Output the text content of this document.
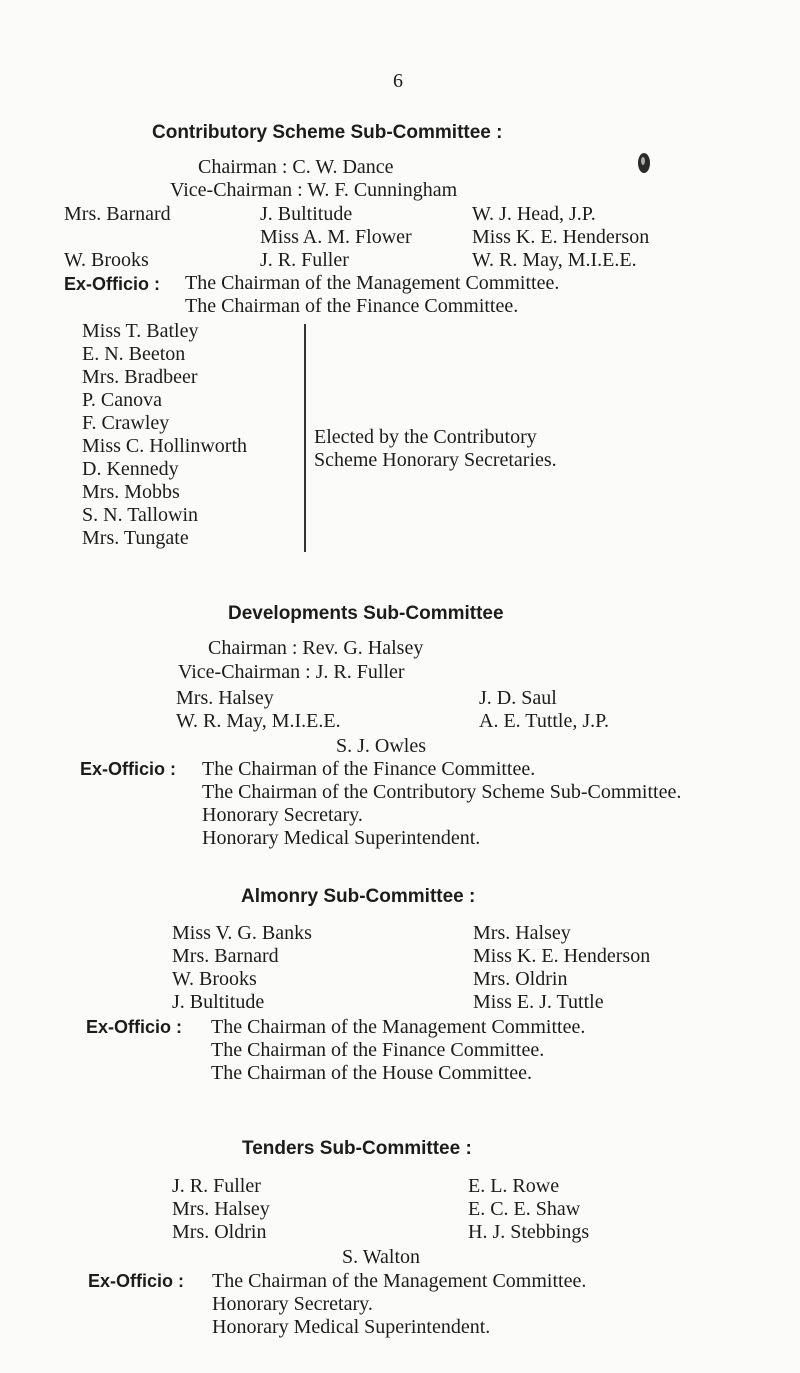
6
Contributory Scheme Sub-Committee :
Chairman : C. W. Dance
Vice-Chairman : W. F. Cunningham
Mrs. Barnard
W. Brooks
J. Bultitude
Miss A. M. Flower
J. R. Fuller
W. J. Head, J.P.
Miss K. E. Henderson
W. R. May, M.I.E.E.
Ex-Officio : The Chairman of the Management Committee.
The Chairman of the Finance Committee.
Miss T. Batley
E. N. Beeton
Mrs. Bradbeer
P. Canova
F. Crawley
Miss C. Hollinworth
D. Kennedy
Mrs. Mobbs
S. N. Tallowin
Mrs. Tungate
Elected by the Contributory
Scheme Honorary Secretaries.
Developments Sub-Committee
Chairman : Rev. G. Halsey
Vice-Chairman : J. R. Fuller
Mrs. Halsey
W. R. May, M.I.E.E.
J. D. Saul
A. E. Tuttle, J.P.
S. J. Owles
Ex-Officio : The Chairman of the Finance Committee.
The Chairman of the Contributory Scheme Sub-Committee.
Honorary Secretary.
Honorary Medical Superintendent.
Almonry Sub-Committee :
Miss V. G. Banks
Mrs. Barnard
W. Brooks
J. Bultitude
Mrs. Halsey
Miss K. E. Henderson
Mrs. Oldrin
Miss E. J. Tuttle
Ex-Officio : The Chairman of the Management Committee.
The Chairman of the Finance Committee.
The Chairman of the House Committee.
Tenders Sub-Committee :
J. R. Fuller
Mrs. Halsey
Mrs. Oldrin
E. L. Rowe
E. C. E. Shaw
H. J. Stebbings
S. Walton
Ex-Officio : The Chairman of the Management Committee.
Honorary Secretary.
Honorary Medical Superintendent.
